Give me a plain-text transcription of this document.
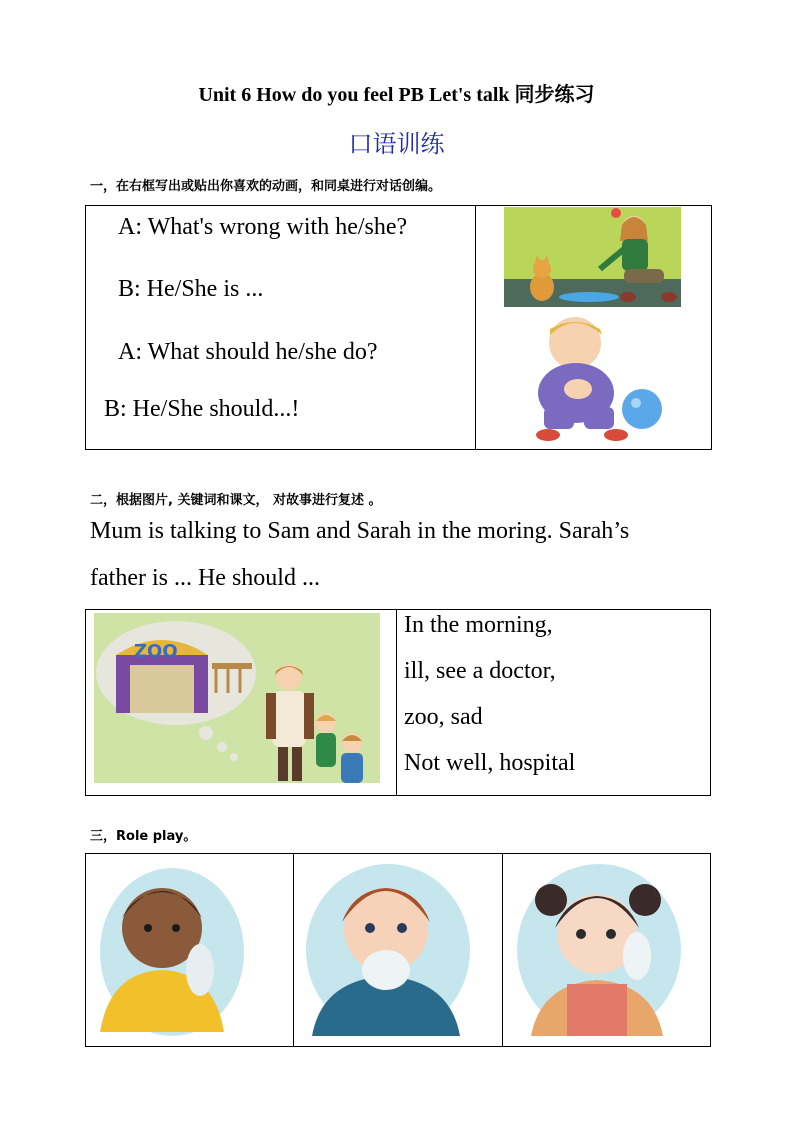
Unit 6 How do you feel PB Let's talk 同步练习
口语训练
一，在右框写出或贴出你喜欢的动画，和同桌进行对话创编。
A: What's wrong with he/she?
B: He/She is ...
A: What should he/she do?
B: He/She should...!

二，根据图片, 关键词和课文， 对故事进行复述 。
Mum is talking to Sam and Sarah in the moring. Sarah’s
father is ... He should ...
ZOO

In the morning,
ill, see a doctor,
zoo, sad
Not well, hospital
三，Role play。
